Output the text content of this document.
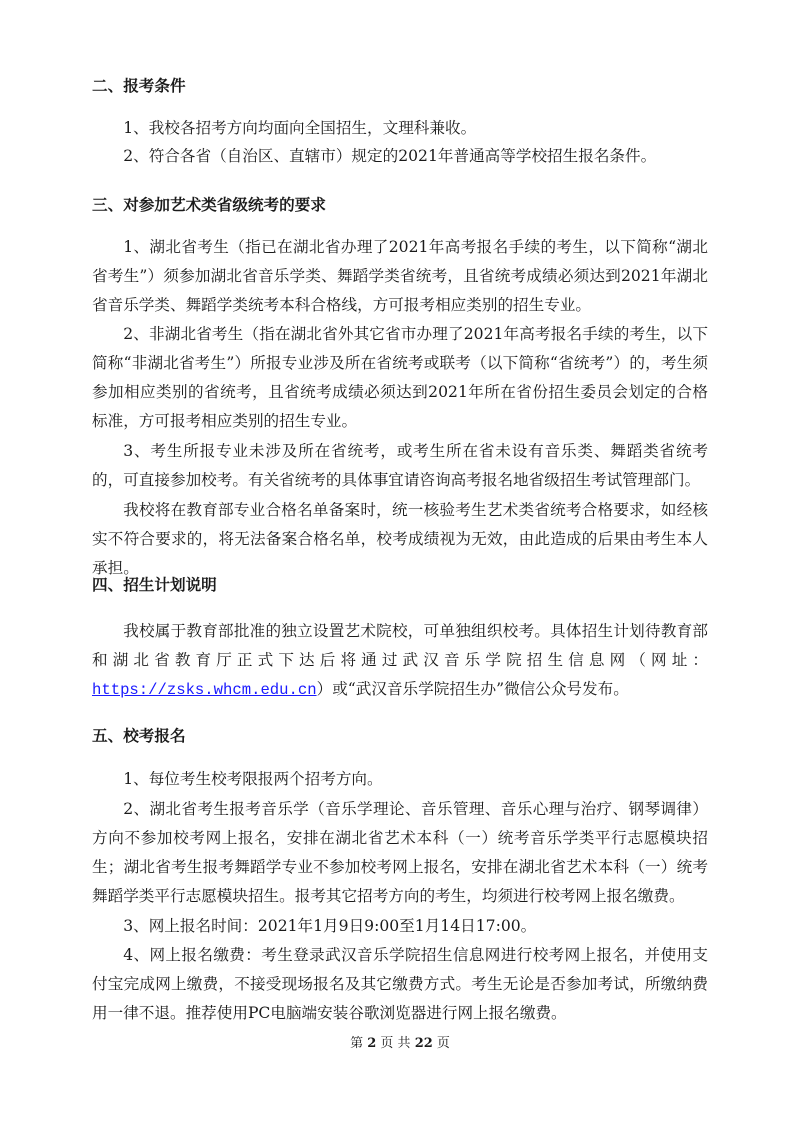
二、报考条件

1、我校各招考方向均面向全国招生，文理科兼收。

2、符合各省（自治区、直辖市）规定的2021年普通高等学校招生报名条件。

三、对参加艺术类省级统考的要求

1、湖北省考生（指已在湖北省办理了2021年高考报名手续的考生，以下简称“湖北省考生”）须参加湖北省音乐学类、舞蹈学类省统考，且省统考成绩必须达到2021年湖北省音乐学类、舞蹈学类统考本科合格线，方可报考相应类别的招生专业。

2、非湖北省考生（指在湖北省外其它省市办理了2021年高考报名手续的考生，以下简称“非湖北省考生”）所报专业涉及所在省统考或联考（以下简称“省统考”）的，考生须参加相应类别的省统考，且省统考成绩必须达到2021年所在省份招生委员会划定的合格标准，方可报考相应类别的招生专业。

3、考生所报专业未涉及所在省统考，或考生所在省未设有音乐类、舞蹈类省统考的，可直接参加校考。有关省统考的具体事宜请咨询高考报名地省级招生考试管理部门。

我校将在教育部专业合格名单备案时，统一核验考生艺术类省统考合格要求，如经核实不符合要求的，将无法备案合格名单，校考成绩视为无效，由此造成的后果由考生本人承担。

四、招生计划说明

我校属于教育部批准的独立设置艺术院校，可单独组织校考。具体招生计划待教育部和湖北省教育厅正式下达后将通过武汉音乐学院招生信息网（网址：https://zsks.whcm.edu.cn）或“武汉音乐学院招生办”微信公众号发布。

五、校考报名

1、每位考生校考限报两个招考方向。

2、湖北省考生报考音乐学（音乐学理论、音乐管理、音乐心理与治疗、钢琴调律）方向不参加校考网上报名，安排在湖北省艺术本科（一）统考音乐学类平行志愿模块招生；湖北省考生报考舞蹈学专业不参加校考网上报名，安排在湖北省艺术本科（一）统考舞蹈学类平行志愿模块招生。报考其它招考方向的考生，均须进行校考网上报名缴费。

3、网上报名时间：2021年1月9日9:00至1月14日17:00。

4、网上报名缴费：考生登录武汉音乐学院招生信息网进行校考网上报名，并使用支付宝完成网上缴费，不接受现场报名及其它缴费方式。考生无论是否参加考试，所缴纳费用一律不退。推荐使用PC电脑端安装谷歌浏览器进行网上报名缴费。

第 2 页 共 22 页
